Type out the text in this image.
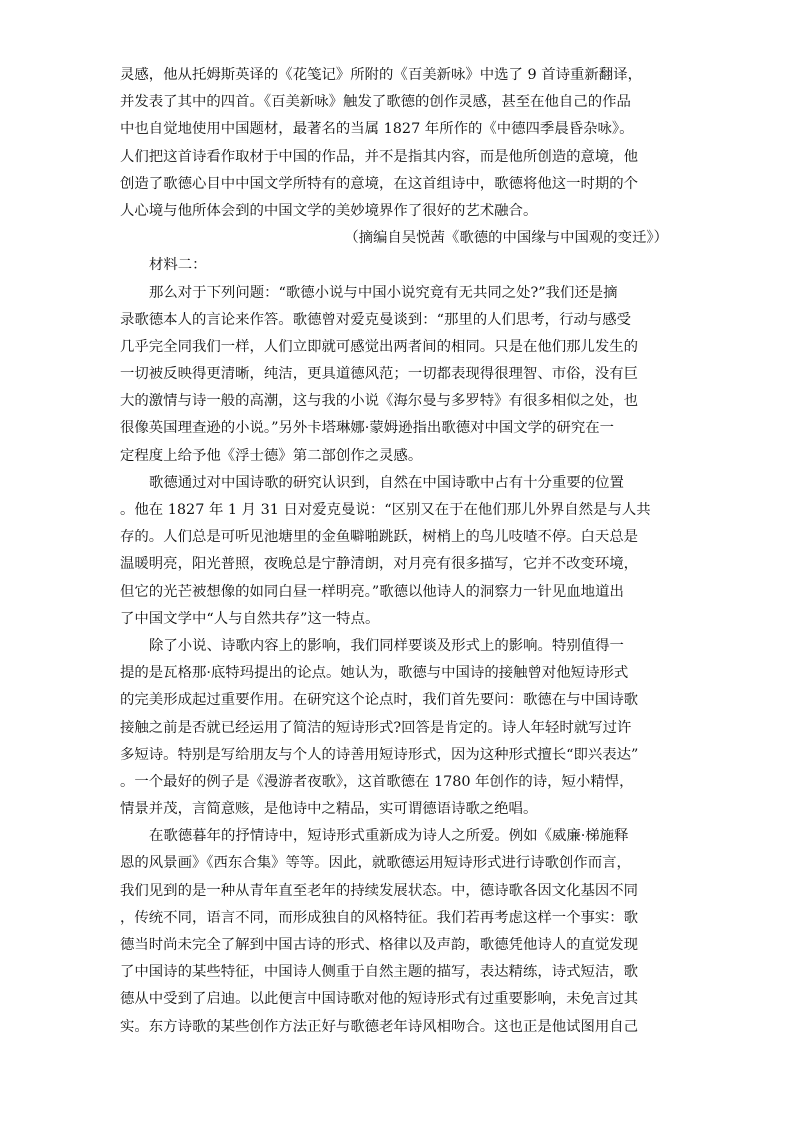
灵感，他从托姆斯英译的《花笺记》所附的《百美新咏》中选了 9 首诗重新翻译，
并发表了其中的四首。《百美新咏》触发了歌德的创作灵感，甚至在他自己的作品
中也自觉地使用中国题材，最著名的当属 1827 年所作的《中德四季晨昏杂咏》。
人们把这首诗看作取材于中国的作品，并不是指其内容，而是他所创造的意境，他
创造了歌德心目中中国文学所特有的意境，在这首组诗中，歌德将他这一时期的个
人心境与他所体会到的中国文学的美妙境界作了很好的艺术融合。
（摘编自吴悦茜《歌德的中国缘与中国观的变迁》）
材料二：
那么对于下列问题：“歌德小说与中国小说究竟有无共同之处?”我们还是摘
录歌德本人的言论来作答。歌德曾对爱克曼谈到：“那里的人们思考，行动与感受
几乎完全同我们一样，人们立即就可感觉出两者间的相同。只是在他们那儿发生的
一切被反映得更清晰，纯洁，更具道德风范；一切都表现得很理智、市俗，没有巨
大的激情与诗一般的高潮，这与我的小说《海尔曼与多罗特》有很多相似之处，也
很像英国理查逊的小说。”另外卡塔琳娜·蒙姆逊指出歌德对中国文学的研究在一
定程度上给予他《浮士德》第二部创作之灵感。
歌德通过对中国诗歌的研究认识到，自然在中国诗歌中占有十分重要的位置
。他在 1827 年 1 月 31 日对爱克曼说：“区别又在于在他们那儿外界自然是与人共
存的。人们总是可听见池塘里的金鱼噼啪跳跃，树梢上的鸟儿吱喳不停。白天总是
温暖明亮，阳光普照，夜晚总是宁静清朗，对月亮有很多描写，它并不改变环境，
但它的光芒被想像的如同白昼一样明亮。”歌德以他诗人的洞察力一针见血地道出
了中国文学中“人与自然共存”这一特点。
除了小说、诗歌内容上的影响，我们同样要谈及形式上的影响。特别值得一
提的是瓦格那·底特玛提出的论点。她认为，歌德与中国诗的接触曾对他短诗形式
的完美形成起过重要作用。在研究这个论点时，我们首先要问：歌德在与中国诗歌
接触之前是否就已经运用了简洁的短诗形式?回答是肯定的。诗人年轻时就写过许
多短诗。特别是写给朋友与个人的诗善用短诗形式，因为这种形式擅长“即兴表达”
。一个最好的例子是《漫游者夜歌》，这首歌德在 1780 年创作的诗，短小精悍，
情景并茂，言简意赅，是他诗中之精品，实可谓德语诗歌之绝唱。
在歌德暮年的抒情诗中，短诗形式重新成为诗人之所爱。例如《威廉·梯施释
恩的风景画》《西东合集》等等。因此，就歌德运用短诗形式进行诗歌创作而言，
我们见到的是一种从青年直至老年的持续发展状态。中，德诗歌各因文化基因不同
，传统不同，语言不同，而形成独自的风格特征。我们若再考虑这样一个事实：歌
德当时尚未完全了解到中国古诗的形式、格律以及声韵，歌德凭他诗人的直觉发现
了中国诗的某些特征，中国诗人侧重于自然主题的描写，表达精练，诗式短洁，歌
德从中受到了启迪。以此便言中国诗歌对他的短诗形式有过重要影响，未免言过其
实。东方诗歌的某些创作方法正好与歌德老年诗风相吻合。这也正是他试图用自己
